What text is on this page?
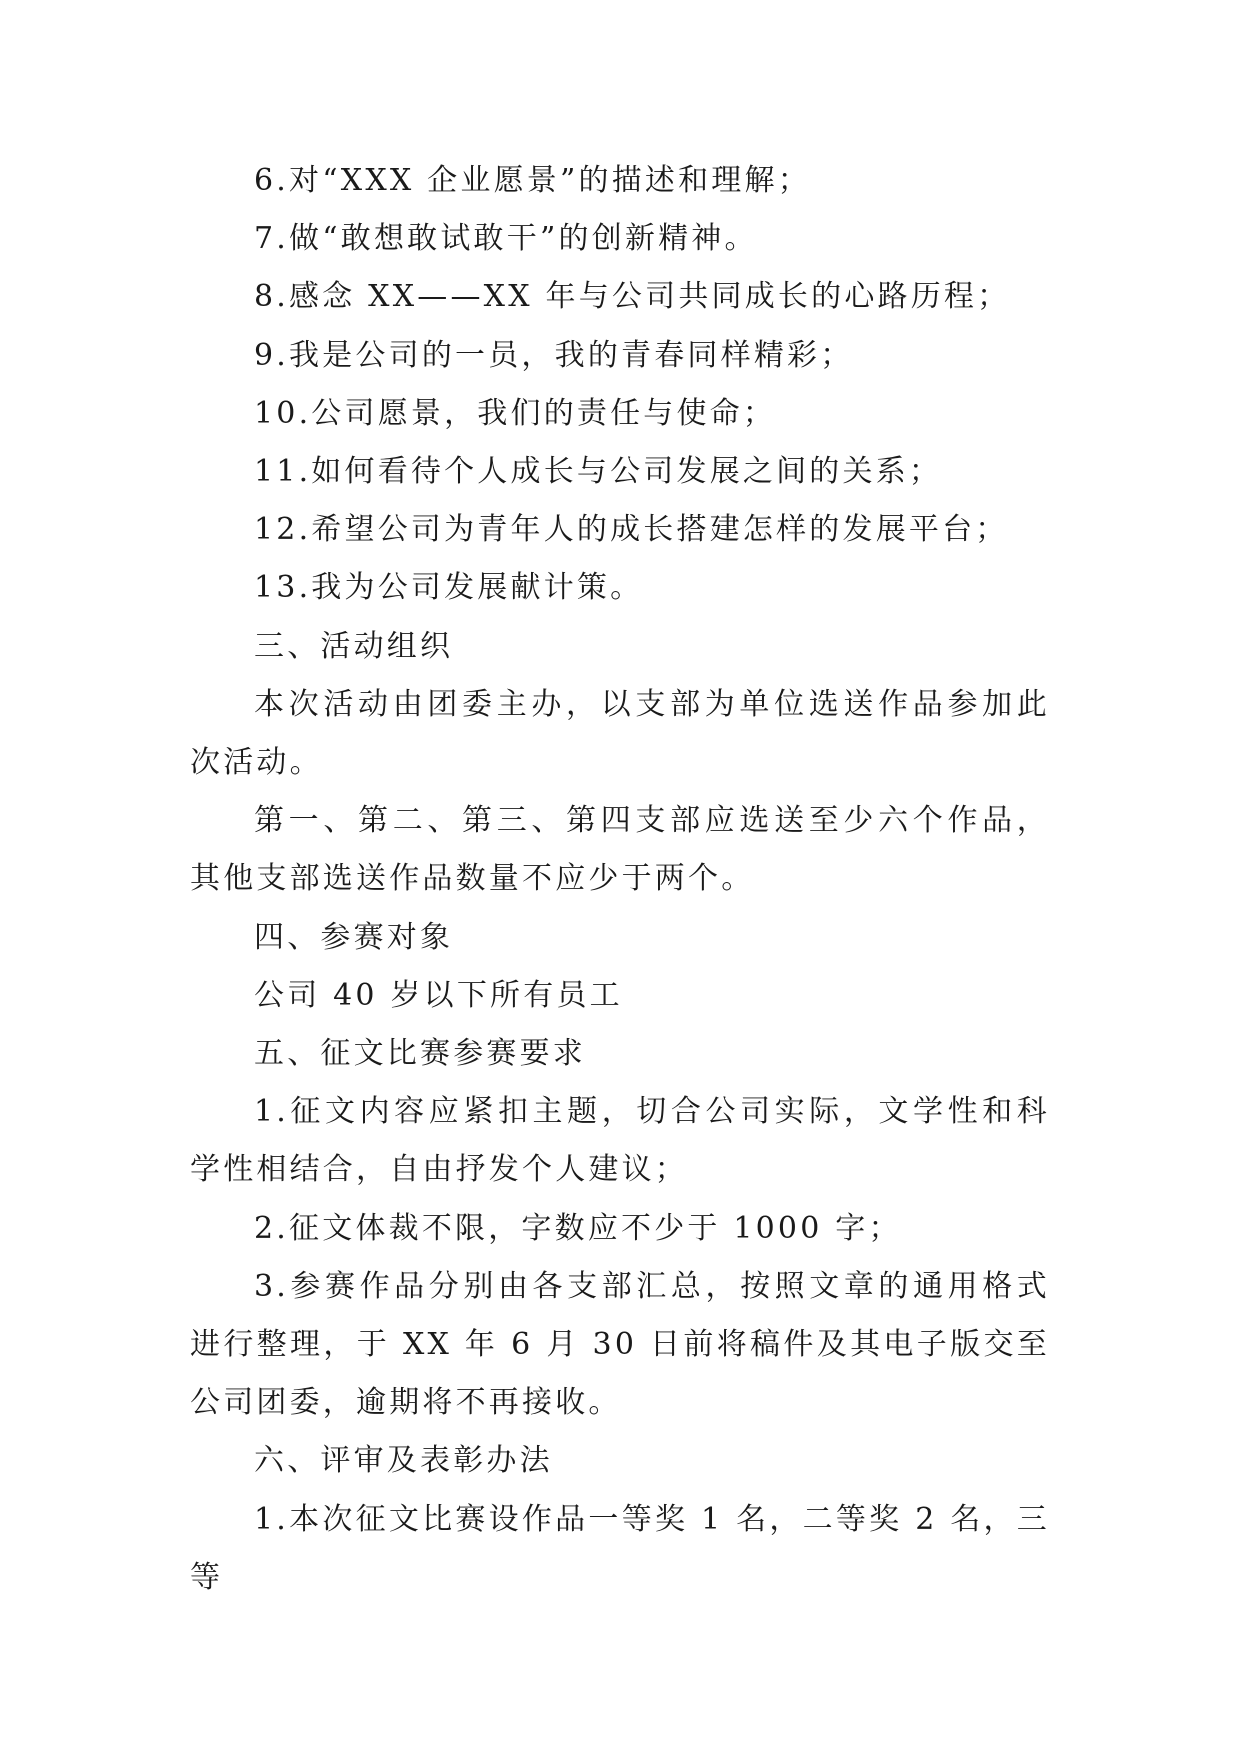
6.对“XXX 企业愿景”的描述和理解；

7.做“敢想敢试敢干”的创新精神。

8.感念 XX——XX 年与公司共同成长的心路历程；

9.我是公司的一员，我的青春同样精彩；

10.公司愿景，我们的责任与使命；

11.如何看待个人成长与公司发展之间的关系；

12.希望公司为青年人的成长搭建怎样的发展平台；

13.我为公司发展献计策。

三、活动组织

本次活动由团委主办，以支部为单位选送作品参加此次活动。

第一、第二、第三、第四支部应选送至少六个作品，其他支部选送作品数量不应少于两个。

四、参赛对象

公司 40 岁以下所有员工

五、征文比赛参赛要求

1.征文内容应紧扣主题，切合公司实际，文学性和科学性相结合，自由抒发个人建议；

2.征文体裁不限，字数应不少于 1000 字；

3.参赛作品分别由各支部汇总，按照文章的通用格式进行整理，于 XX 年 6 月 30 日前将稿件及其电子版交至公司团委，逾期将不再接收。

六、评审及表彰办法

1.本次征文比赛设作品一等奖 1 名，二等奖 2 名，三等
